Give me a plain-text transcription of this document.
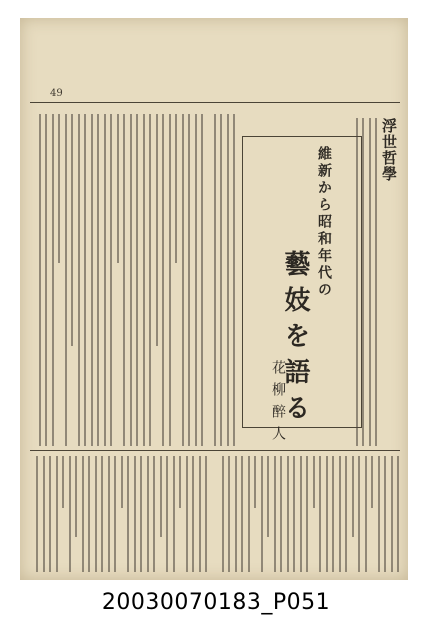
49
浮世哲學
維新から昭和年代の
藝妓を語る
花柳醉人
20030070183_P051
